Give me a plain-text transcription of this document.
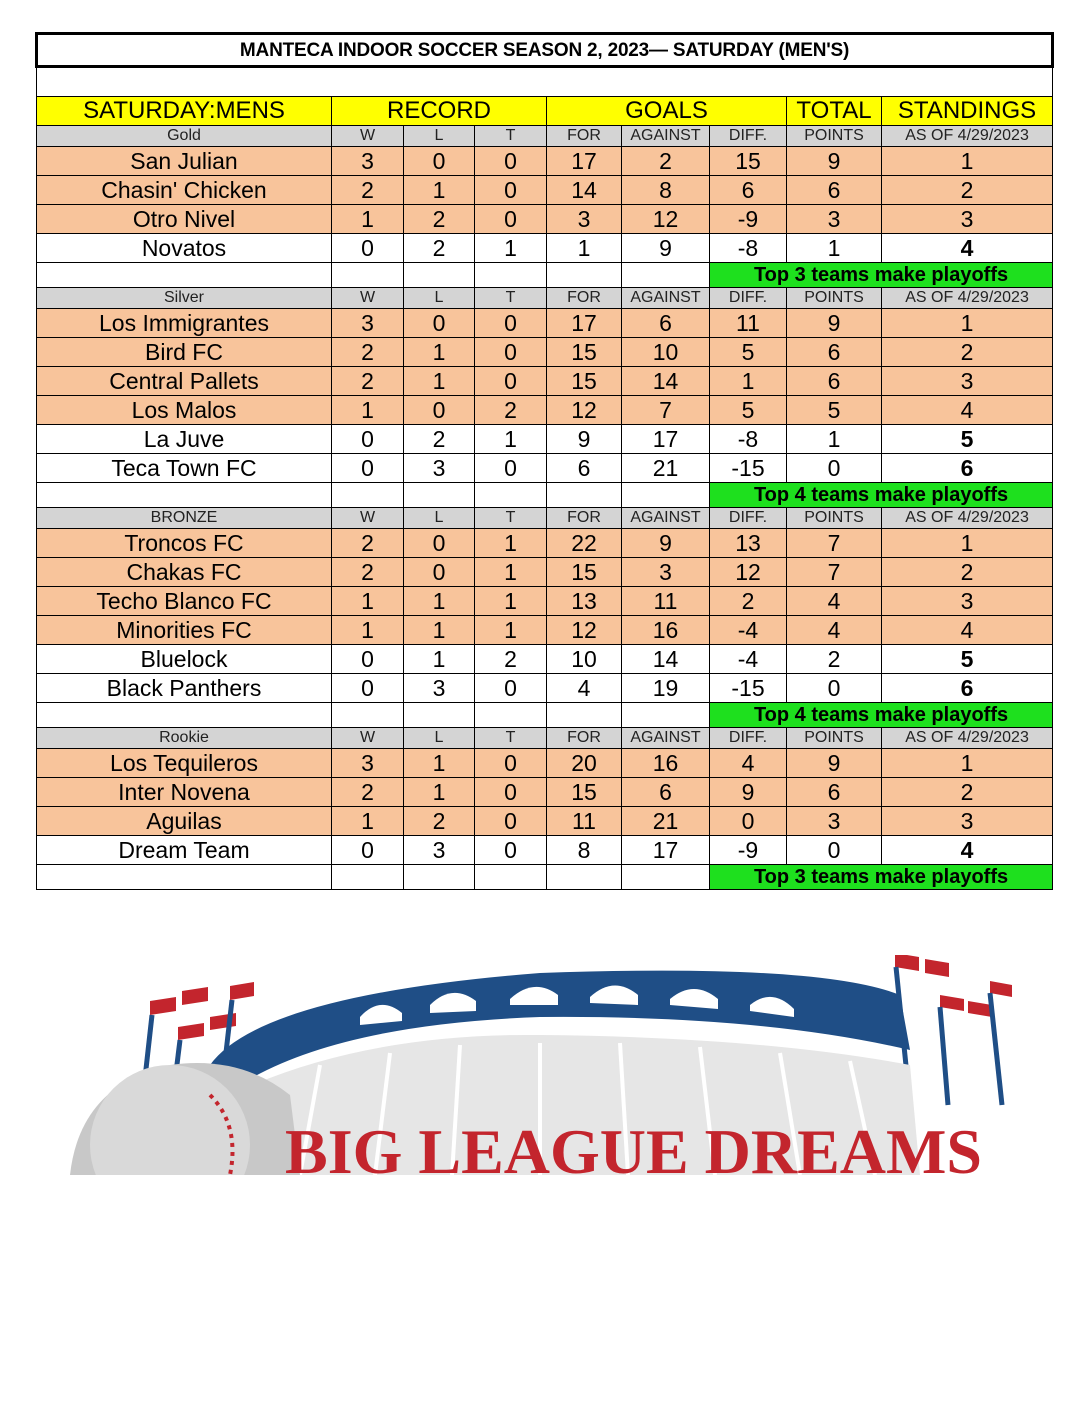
MANTECA INDOOR SOCCER SEASON 2, 2023— SATURDAY (MEN'S)								

SATURDAY:MENS	RECORD			GOALS			TOTAL	STANDINGS
Gold	W	L	T	FOR	AGAINST	DIFF.	POINTS	AS OF 4/29/2023
San Julian	3	0	0	17	2	15	9	1
Chasin' Chicken	2	1	0	14	8	6	6	2
Otro Nivel	1	2	0	3	12	-9	3	3
Novatos	0	2	1	1	9	-8	1	4
						Top 3 teams make playoffs		
Silver	W	L	T	FOR	AGAINST	DIFF.	POINTS	AS OF 4/29/2023
Los Immigrantes	3	0	0	17	6	11	9	1
Bird FC	2	1	0	15	10	5	6	2
Central Pallets	2	1	0	15	14	1	6	3
Los Malos	1	0	2	12	7	5	5	4
La Juve	0	2	1	9	17	-8	1	5
Teca Town FC	0	3	0	6	21	-15	0	6
						Top 4 teams make playoffs		
BRONZE	W	L	T	FOR	AGAINST	DIFF.	POINTS	AS OF 4/29/2023
Troncos FC	2	0	1	22	9	13	7	1
Chakas FC	2	0	1	15	3	12	7	2
Techo Blanco FC	1	1	1	13	11	2	4	3
Minorities FC	1	1	1	12	16	-4	4	4
Bluelock	0	1	2	10	14	-4	2	5
Black Panthers	0	3	0	4	19	-15	0	6
						Top 4 teams make playoffs		
Rookie	W	L	T	FOR	AGAINST	DIFF.	POINTS	AS OF 4/29/2023
Los Tequileros	3	1	0	20	16	4	9	1
Inter Novena	2	1	0	15	6	9	6	2
Aguilas	1	2	0	11	21	0	3	3
Dream Team	0	3	0	8	17	-9	0	4
						Top 3 teams make playoffs		
BIG LEAGUE DREAMS
